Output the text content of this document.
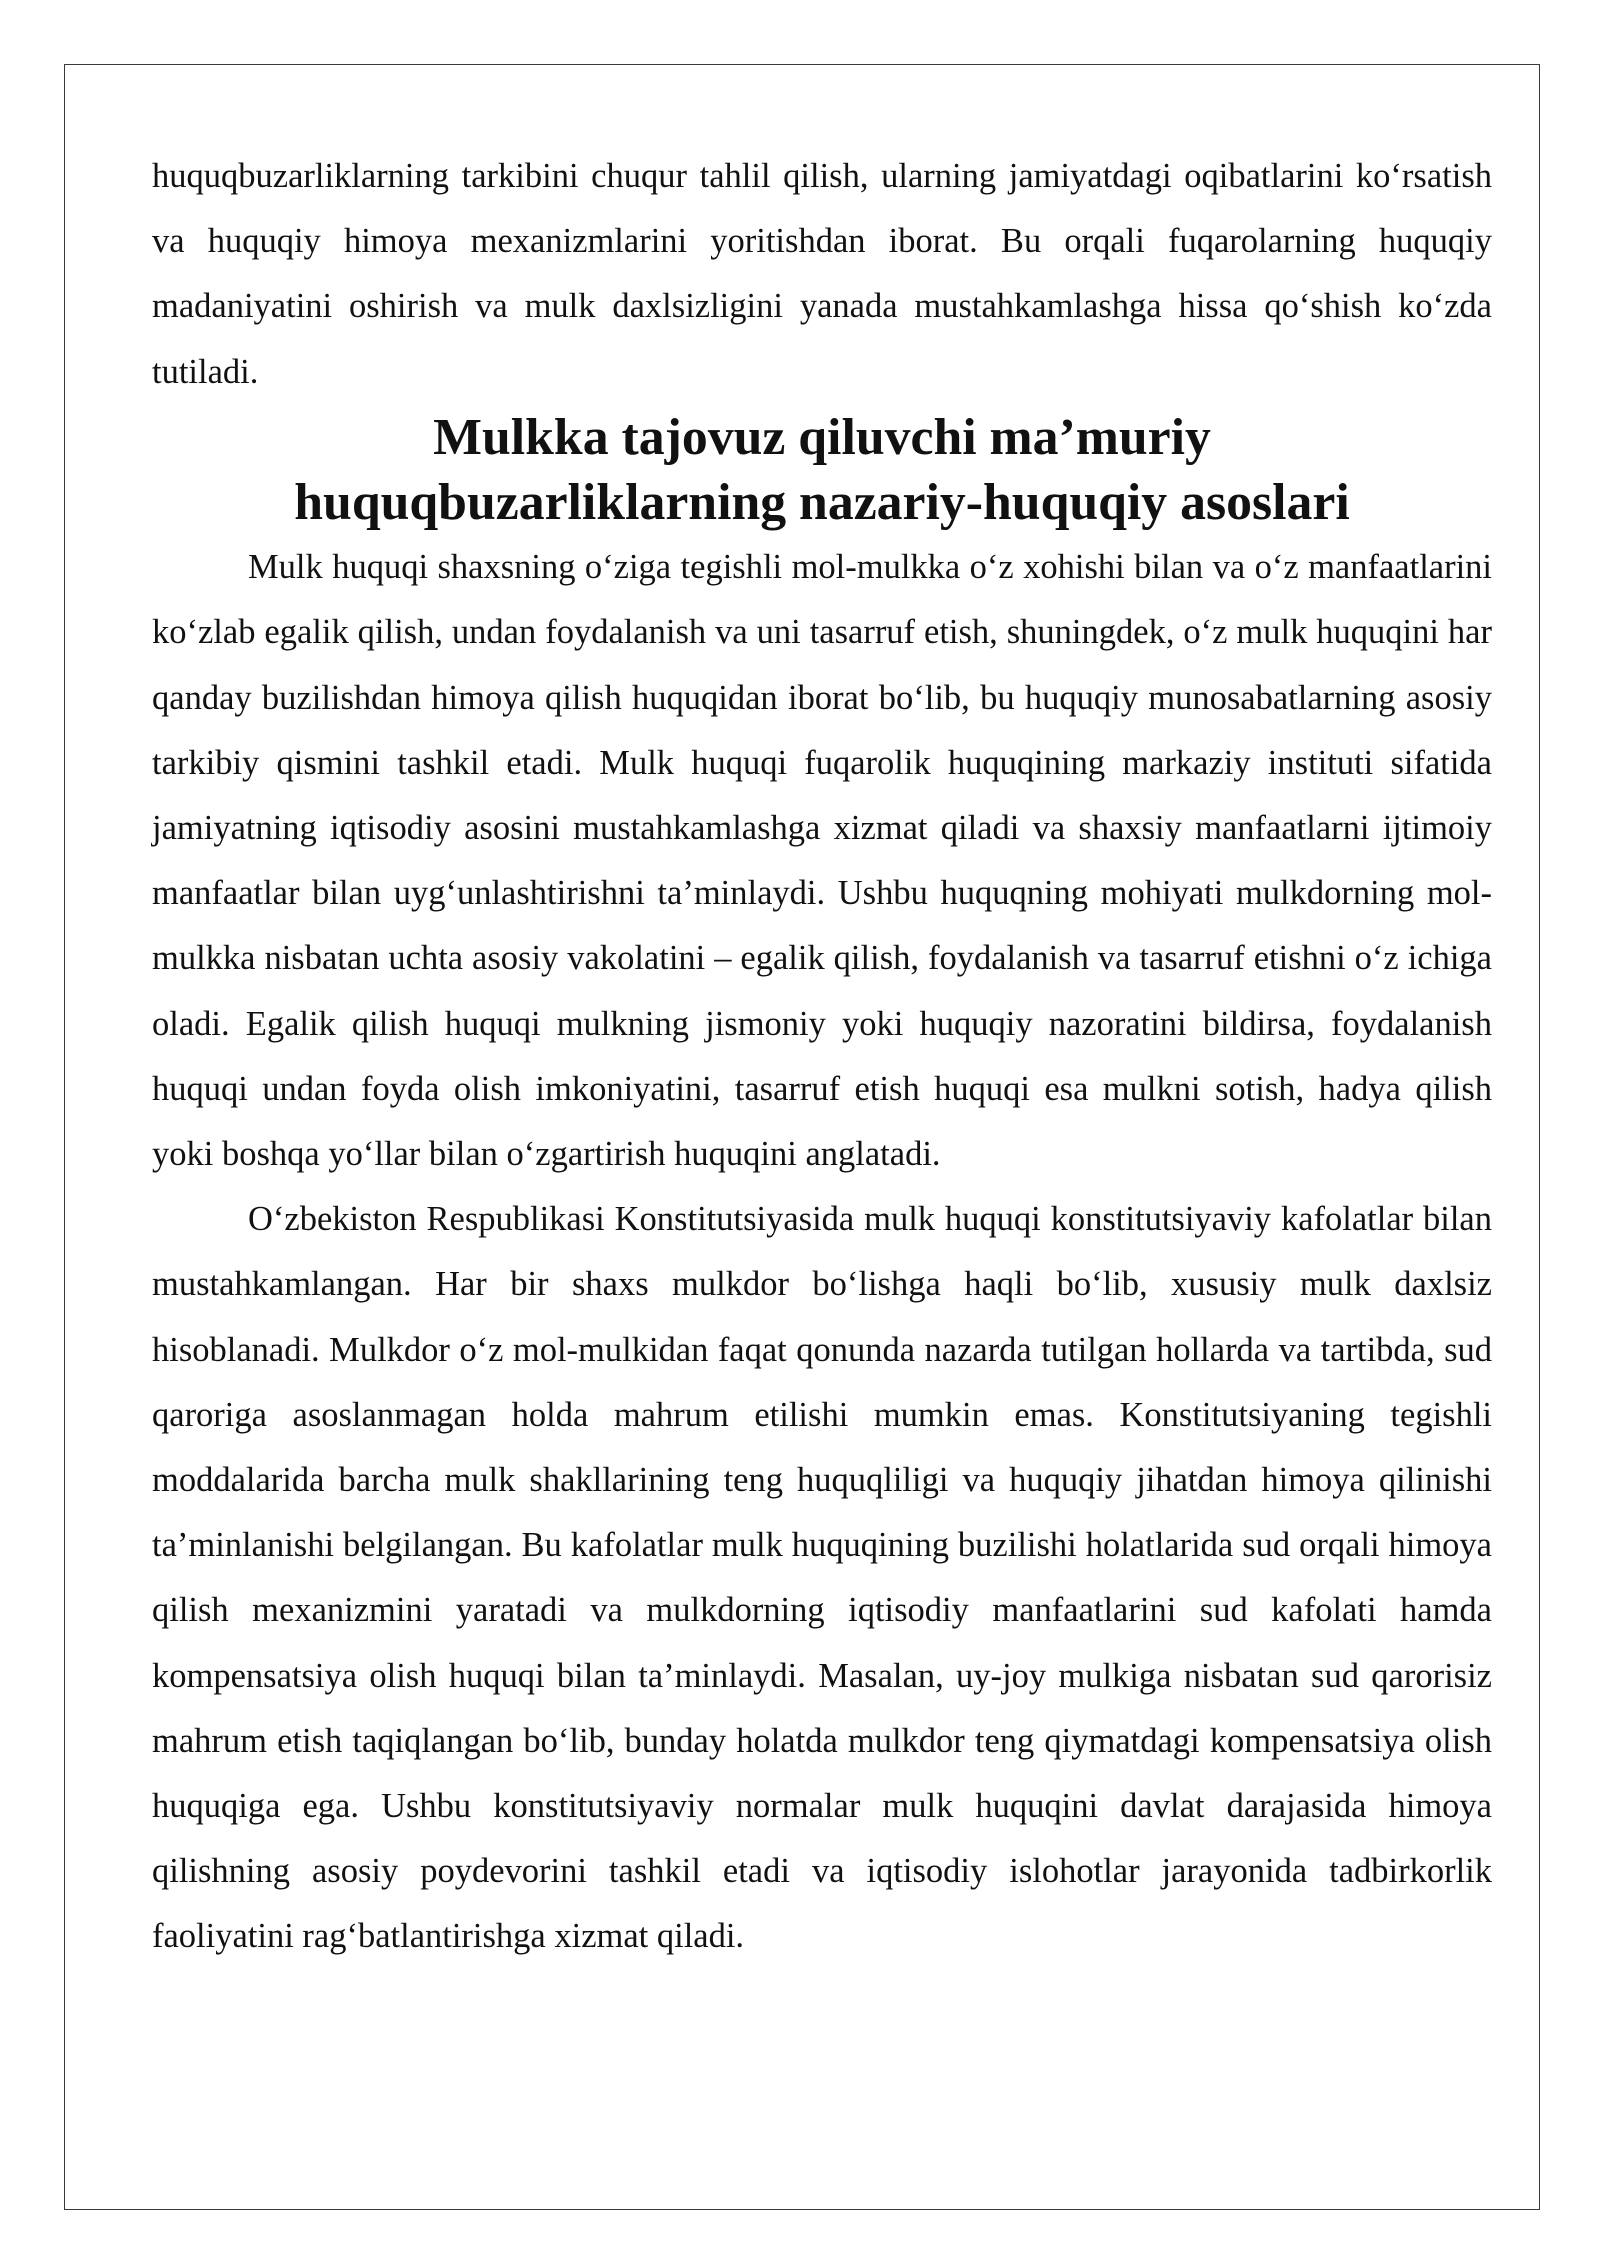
huquqbuzarliklarning tarkibini chuqur tahlil qilish, ularning jamiyatdagi oqibatlarini ko‘rsatish va huquqiy himoya mexanizmlarini yoritishdan iborat. Bu orqali fuqarolarning huquqiy madaniyatini oshirish va mulk daxlsizligini yanada mustahkamlashga hissa qo‘shish ko‘zda tutiladi.

Mulkka tajovuz qiluvchi ma’muriy huquqbuzarliklarning nazariy-huquqiy asoslari

Mulk huquqi shaxsning o‘ziga tegishli mol-mulkka o‘z xohishi bilan va o‘z manfaatlarini ko‘zlab egalik qilish, undan foydalanish va uni tasarruf etish, shuningdek, o‘z mulk huquqini har qanday buzilishdan himoya qilish huquqidan iborat bo‘lib, bu huquqiy munosabatlarning asosiy tarkibiy qismini tashkil etadi. Mulk huquqi fuqarolik huquqining markaziy instituti sifatida jamiyatning iqtisodiy asosini mustahkamlashga xizmat qiladi va shaxsiy manfaatlarni ijtimoiy manfaatlar bilan uyg‘unlashtirishni ta’minlaydi. Ushbu huquqning mohiyati mulkdorning mol-mulkka nisbatan uchta asosiy vakolatini – egalik qilish, foydalanish va tasarruf etishni o‘z ichiga oladi. Egalik qilish huquqi mulkning jismoniy yoki huquqiy nazoratini bildirsa, foydalanish huquqi undan foyda olish imkoniyatini, tasarruf etish huquqi esa mulkni sotish, hadya qilish yoki boshqa yo‘llar bilan o‘zgartirish huquqini anglatadi.

O‘zbekiston Respublikasi Konstitutsiyasida mulk huquqi konstitutsiyaviy kafolatlar bilan mustahkamlangan. Har bir shaxs mulkdor bo‘lishga haqli bo‘lib, xususiy mulk daxlsiz hisoblanadi. Mulkdor o‘z mol-mulkidan faqat qonunda nazarda tutilgan hollarda va tartibda, sud qaroriga asoslanmagan holda mahrum etilishi mumkin emas. Konstitutsiyaning tegishli moddalarida barcha mulk shakllarining teng huquqliligi va huquqiy jihatdan himoya qilinishi ta’minlanishi belgilangan. Bu kafolatlar mulk huquqining buzilishi holatlarida sud orqali himoya qilish mexanizmini yaratadi va mulkdorning iqtisodiy manfaatlarini sud kafolati hamda kompensatsiya olish huquqi bilan ta’minlaydi. Masalan, uy-joy mulkiga nisbatan sud qarorisiz mahrum etish taqiqlangan bo‘lib, bunday holatda mulkdor teng qiymatdagi kompensatsiya olish huquqiga ega. Ushbu konstitutsiyaviy normalar mulk huquqini davlat darajasida himoya qilishning asosiy poydevorini tashkil etadi va iqtisodiy islohotlar jarayonida tadbirkorlik faoliyatini rag‘batlantirishga xizmat qiladi.
